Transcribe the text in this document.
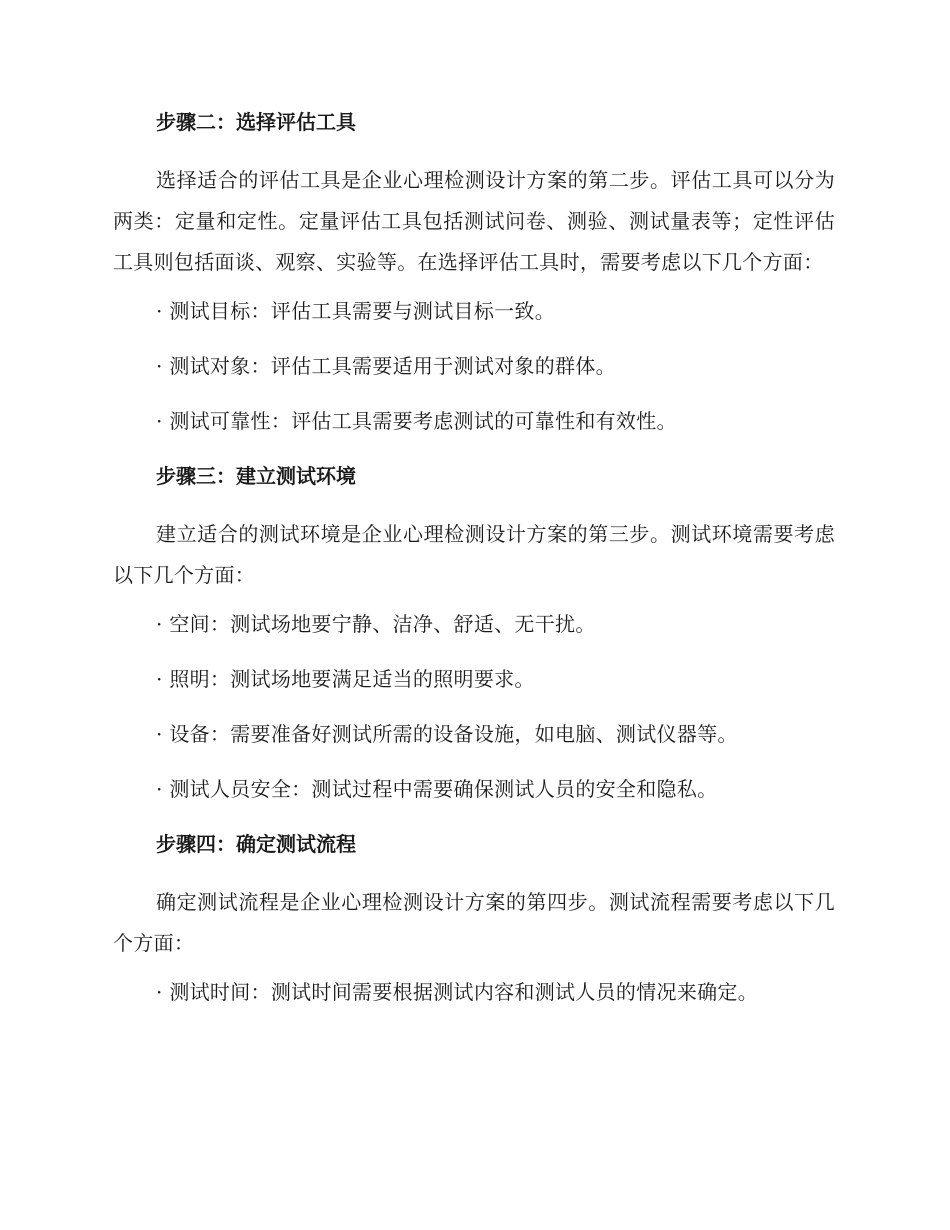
步骤二：选择评估工具
选择适合的评估工具是企业心理检测设计方案的第二步。评估工具可以分为两类：定量和定性。定量评估工具包括测试问卷、测验、测试量表等；定性评估工具则包括面谈、观察、实验等。在选择评估工具时，需要考虑以下几个方面：
· 测试目标：评估工具需要与测试目标一致。
· 测试对象：评估工具需要适用于测试对象的群体。
· 测试可靠性：评估工具需要考虑测试的可靠性和有效性。
步骤三：建立测试环境
建立适合的测试环境是企业心理检测设计方案的第三步。测试环境需要考虑以下几个方面：
· 空间：测试场地要宁静、洁净、舒适、无干扰。
· 照明：测试场地要满足适当的照明要求。
· 设备：需要准备好测试所需的设备设施，如电脑、测试仪器等。
· 测试人员安全：测试过程中需要确保测试人员的安全和隐私。
步骤四：确定测试流程
确定测试流程是企业心理检测设计方案的第四步。测试流程需要考虑以下几个方面：
· 测试时间：测试时间需要根据测试内容和测试人员的情况来确定。
